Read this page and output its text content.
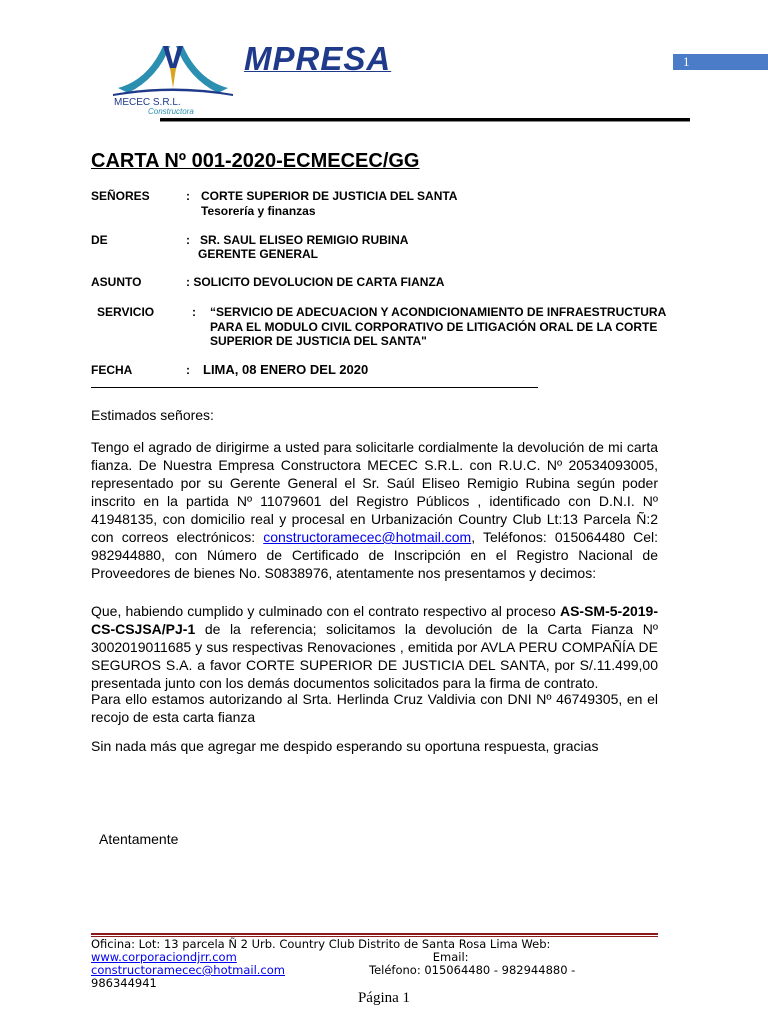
MPRESA
MECEC S.R.L.
Constructora
1
CARTA Nº 001-2020-ECMECEC/GG
SEÑORES	: CORTE SUPERIOR DE JUSTICIA DEL SANTA
Tesorería y finanzas
DE	: SR. SAUL ELISEO REMIGIO RUBINA
GERENTE GENERAL
ASUNTO	: SOLICITO DEVOLUCION DE CARTA FIANZA
SERVICIO	: “SERVICIO DE ADECUACION Y ACONDICIONAMIENTO DE INFRAESTRUCTURA
PARA EL MODULO CIVIL CORPORATIVO DE LITIGACIÓN ORAL DE LA CORTE
SUPERIOR DE JUSTICIA DEL SANTA"
FECHA	: LIMA, 08 ENERO DEL 2020
Estimados señores:
Tengo el agrado de dirigirme a usted para solicitarle cordialmente la devolución de mi carta fianza. De Nuestra Empresa Constructora MECEC S.R.L. con R.U.C. Nº 20534093005, representado por su Gerente General el Sr. Saúl Eliseo Remigio Rubina según poder inscrito en la partida Nº 11079601 del Registro Públicos , identificado con D.N.I. Nº 41948135, con domicilio real y procesal en Urbanización Country Club Lt:13 Parcela Ñ:2 con correos electrónicos: constructoramecec@hotmail.com, Teléfonos: 015064480 Cel: 982944880, con Número de Certificado de Inscripción en el Registro Nacional de Proveedores de bienes No. S0838976, atentamente nos presentamos y decimos:
Que, habiendo cumplido y culminado con el contrato respectivo al proceso AS-SM-5-2019-CS-CSJSA/PJ-1 de la referencia; solicitamos la devolución de la Carta Fianza Nº 3002019011685 y sus respectivas Renovaciones , emitida por AVLA PERU COMPAÑÍA DE SEGUROS S.A. a favor CORTE SUPERIOR DE JUSTICIA DEL SANTA, por S/.11.499,00 presentada junto con los demás documentos solicitados para la firma de contrato.
Para ello estamos autorizando al Srta. Herlinda Cruz Valdivia con DNI Nº 46749305, en el recojo de esta carta fianza
Sin nada más que agregar me despido esperando su oportuna respuesta, gracias
Atentamente
Oficina: Lot: 13 parcela Ñ 2 Urb. Country Club Distrito de Santa Rosa Lima Web:
www.corporaciondjrr.com	Email:
constructoramecec@hotmail.com	Teléfono: 015064480 - 982944880 -
986344941
Página 1
